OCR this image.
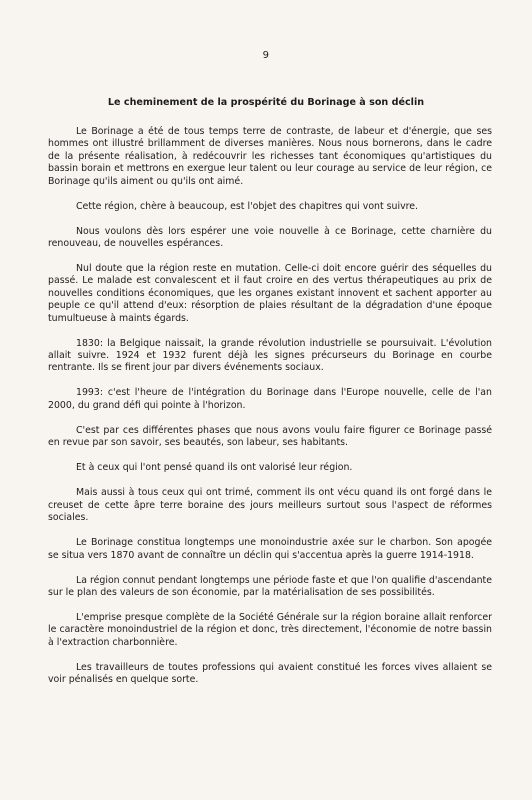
9
Le cheminement de la prospérité du Borinage à son déclin

Le Borinage a été de tous temps terre de contraste, de labeur et d'énergie, que ses hommes ont illustré brillamment de diverses manières. Nous nous bornerons, dans le cadre de la présente réalisation, à redécouvrir les richesses tant économiques qu'artistiques du bassin borain et mettrons en exergue leur talent ou leur courage au service de leur région, ce Borinage qu'ils aiment ou qu'ils ont aimé.

Cette région, chère à beaucoup, est l'objet des chapitres qui vont suivre.

Nous voulons dès lors espérer une voie nouvelle à ce Borinage, cette charnière du renouveau, de nouvelles espérances.

Nul doute que la région reste en mutation. Celle-ci doit encore guérir des séquelles du passé. Le malade est convalescent et il faut croire en des vertus thérapeutiques au prix de nouvelles conditions économiques, que les organes existant innovent et sachent apporter au peuple ce qu'il attend d'eux: résorption de plaies résultant de la dégradation d'une époque tumultueuse à maints égards.

1830: la Belgique naissait, la grande révolution industrielle se poursuivait. L'évolution allait suivre. 1924 et 1932 furent déjà les signes précurseurs du Borinage en courbe rentrante. Ils se firent jour par divers événements sociaux.

1993: c'est l'heure de l'intégration du Borinage dans l'Europe nouvelle, celle de l'an 2000, du grand défi qui pointe à l'horizon.

C'est par ces différentes phases que nous avons voulu faire figurer ce Borinage passé en revue par son savoir, ses beautés, son labeur, ses habitants.

Et à ceux qui l'ont pensé quand ils ont valorisé leur région.

Mais aussi à tous ceux qui ont trimé, comment ils ont vécu quand ils ont forgé dans le creuset de cette âpre terre boraine des jours meilleurs surtout sous l'aspect de réformes sociales.

Le Borinage constitua longtemps une monoindustrie axée sur le charbon. Son apogée se situa vers 1870 avant de connaître un déclin qui s'accentua après la guerre 1914-1918.

La région connut pendant longtemps une période faste et que l'on qualifie d'ascendante sur le plan des valeurs de son économie, par la matérialisation de ses possibilités.

L'emprise presque complète de la Société Générale sur la région boraine allait renforcer le caractère monoindustriel de la région et donc, très directement, l'économie de notre bassin à l'extraction charbonnière.

Les travailleurs de toutes professions qui avaient constitué les forces vives allaient se voir pénalisés en quelque sorte.
